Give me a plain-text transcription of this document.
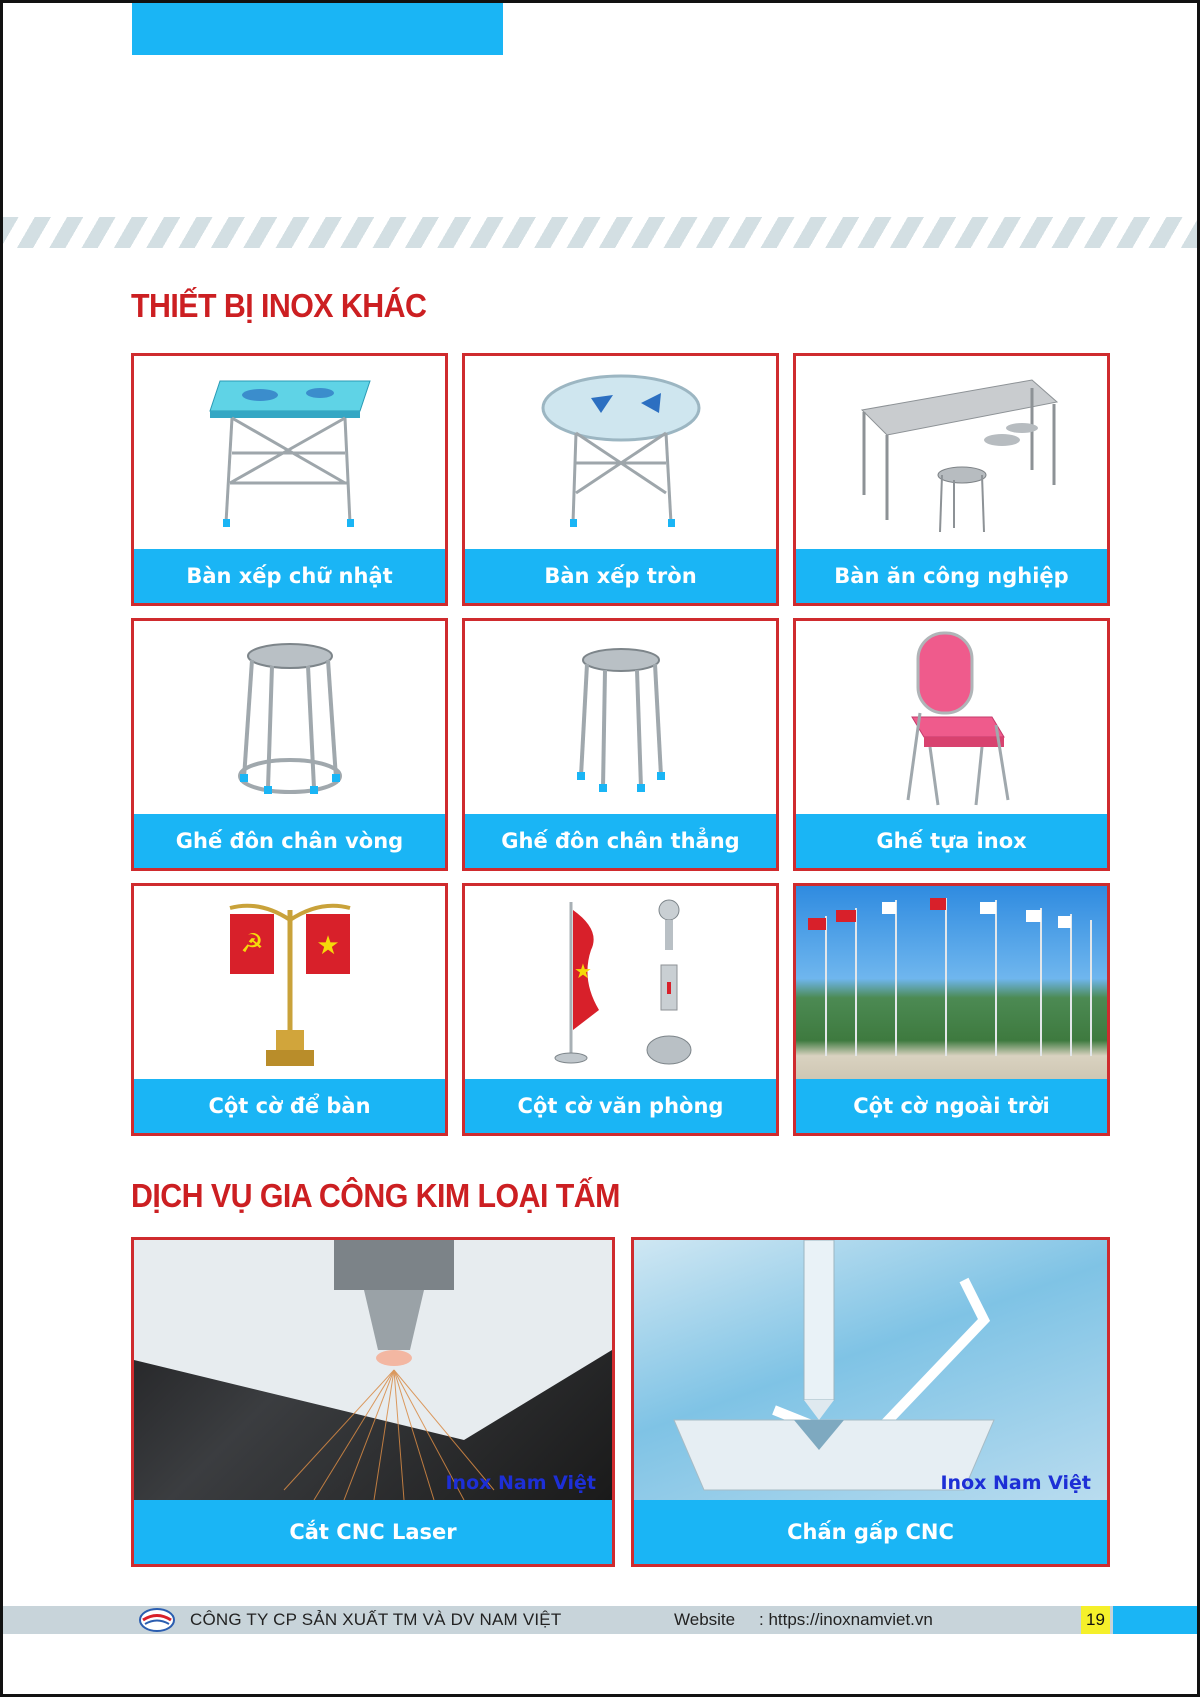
THIẾT BỊ INOX KHÁC
Bàn xếp chữ nhật	Bàn xếp tròn	Bàn ăn công nghiệp
Ghế đôn chân vòng	Ghế đôn chân thẳng	Ghế tựa inox
☭ ★
Cột cờ để bàn
★
Cột cờ văn phòng	Cột cờ ngoài trời
DỊCH VỤ GIA CÔNG KIM LOẠI TẤM
Inox Nam Việt
Cắt CNC Laser
Inox Nam Việt
Chấn gấp CNC
CÔNG TY CP SẢN XUẤT TM VÀ DV NAM VIỆT	Website : https://inoxnamviet.vn	19
